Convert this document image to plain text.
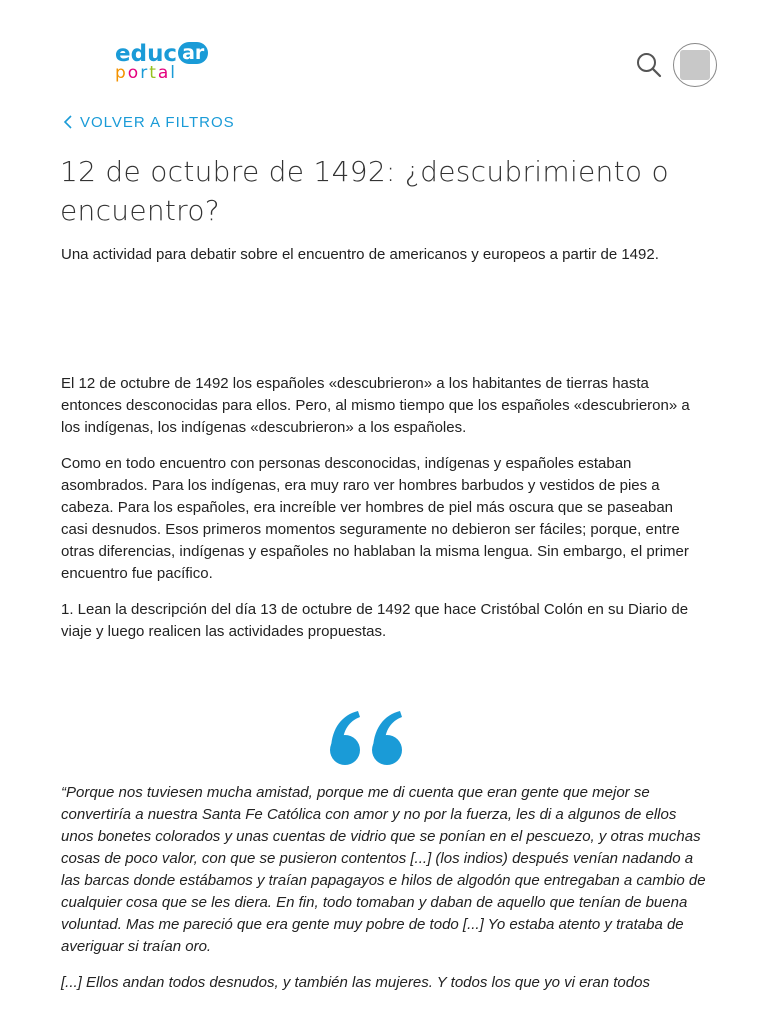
educ ar
portal
VOLVER A FILTROS
12 de octubre de 1492: ¿descubrimiento o encuentro?

Una actividad para debatir sobre el encuentro de americanos y europeos a partir de 1492.

El 12 de octubre de 1492 los españoles «descubrieron» a los habitantes de tierras hasta entonces desconocidas para ellos. Pero, al mismo tiempo que los españoles «descubrieron» a los indígenas, los indígenas «descubrieron» a los españoles.

Como en todo encuentro con personas desconocidas, indígenas y españoles estaban asombrados. Para los indígenas, era muy raro ver hombres barbudos y vestidos de pies a cabeza. Para los españoles, era increíble ver hombres de piel más oscura que se paseaban casi desnudos. Esos primeros momentos seguramente no debieron ser fáciles; porque, entre otras diferencias, indígenas y españoles no hablaban la misma lengua. Sin embargo, el primer encuentro fue pacífico.

1. Lean la descripción del día 13 de octubre de 1492 que hace Cristóbal Colón en su Diario de viaje y luego realicen las actividades propuestas.

“Porque nos tuviesen mucha amistad, porque me di cuenta que eran gente que mejor se convertiría a nuestra Santa Fe Católica con amor y no por la fuerza, les di a algunos de ellos unos bonetes colorados y unas cuentas de vidrio que se ponían en el pescuezo, y otras muchas cosas de poco valor, con que se pusieron contentos [...] (los indios) después venían nadando a las barcas donde estábamos y traían papagayos e hilos de algodón que entregaban a cambio de cualquier cosa que se les diera. En fin, todo tomaban y daban de aquello que tenían de buena voluntad. Mas me pareció que era gente muy pobre de todo [...] Yo estaba atento y trataba de averiguar si traían oro.

[...] Ellos andan todos desnudos, y también las mujeres. Y todos los que yo vi eran todos
